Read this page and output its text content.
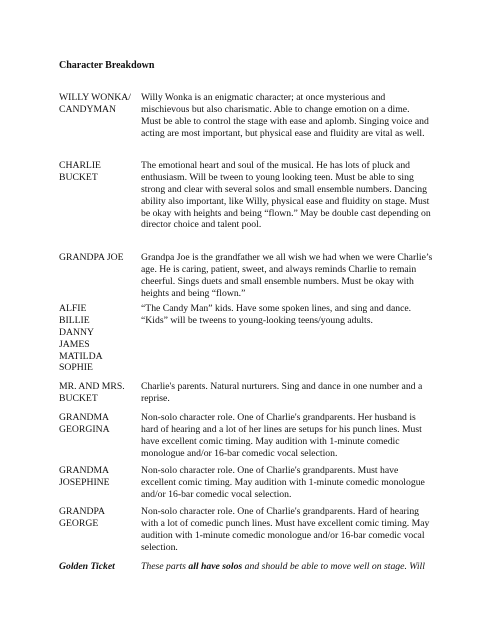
Character Breakdown
WILLY WONKA/
CANDYMAN
Willy Wonka is an enigmatic character; at once mysterious and
mischievous but also charismatic. Able to change emotion on a dime.
Must be able to control the stage with ease and aplomb. Singing voice and
acting are most important, but physical ease and fluidity are vital as well.
CHARLIE
BUCKET
The emotional heart and soul of the musical. He has lots of pluck and
enthusiasm. Will be tween to young looking teen. Must be able to sing
strong and clear with several solos and small ensemble numbers. Dancing
ability also important, like Willy, physical ease and fluidity on stage. Must
be okay with heights and being “flown.” May be double cast depending on
director choice and talent pool.
GRANDPA JOE	Grandpa Joe is the grandfather we all wish we had when we were Charlie’s
age. He is caring, patient, sweet, and always reminds Charlie to remain
cheerful. Sings duets and small ensemble numbers. Must be okay with
heights and being “flown.”
ALFIE
BILLIE
DANNY
JAMES
MATILDA
SOPHIE
“The Candy Man” kids. Have some spoken lines, and sing and dance.
“Kids” will be tweens to young-looking teens/young adults.
MR. AND MRS.
BUCKET
Charlie's parents. Natural nurturers. Sing and dance in one number and a
reprise.
GRANDMA
GEORGINA
Non-solo character role. One of Charlie's grandparents. Her husband is
hard of hearing and a lot of her lines are setups for his punch lines. Must
have excellent comic timing. May audition with 1-minute comedic
monologue and/or 16-bar comedic vocal selection.
GRANDMA
JOSEPHINE
Non-solo character role. One of Charlie's grandparents. Must have
excellent comic timing. May audition with 1-minute comedic monologue
and/or 16-bar comedic vocal selection.
GRANDPA
GEORGE
Non-solo character role. One of Charlie's grandparents. Hard of hearing
with a lot of comedic punch lines. Must have excellent comic timing. May
audition with 1-minute comedic monologue and/or 16-bar comedic vocal
selection.
Golden Ticket	These parts all have solos and should be able to move well on stage. Will
